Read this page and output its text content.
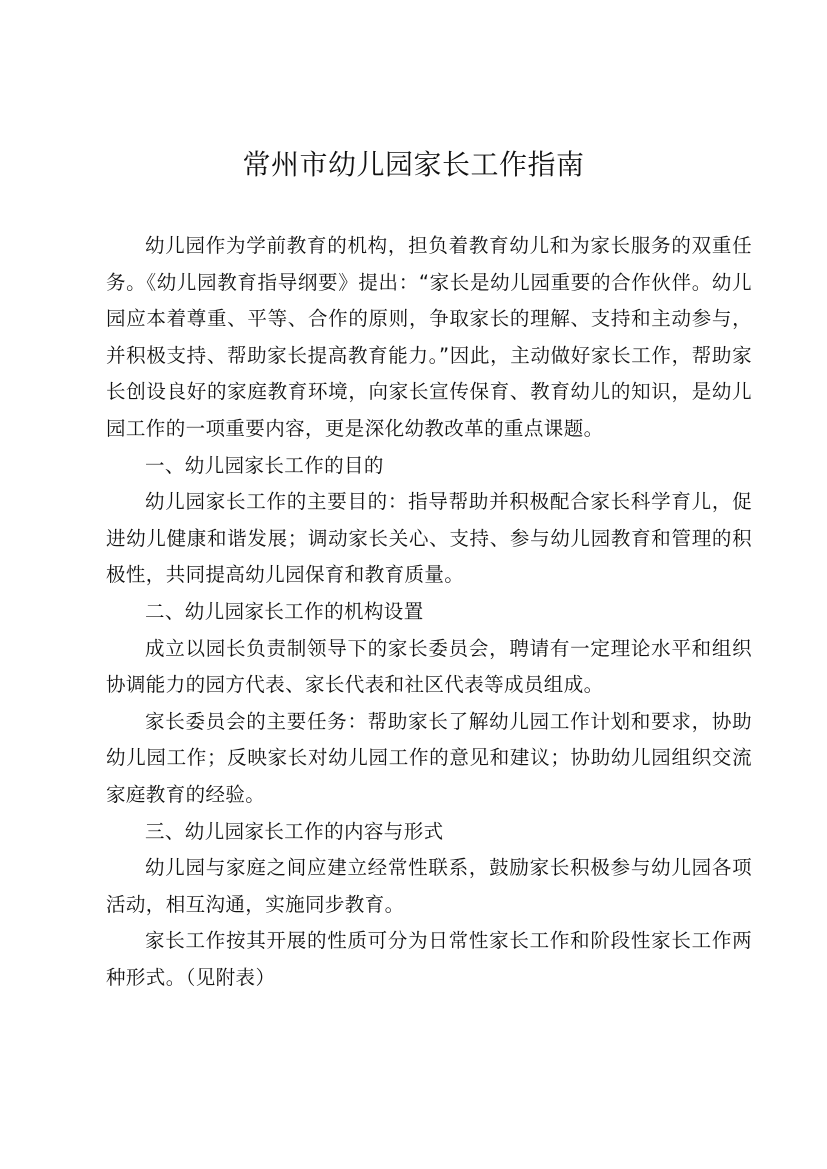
常州市幼儿园家长工作指南

幼儿园作为学前教育的机构，担负着教育幼儿和为家长服务的双重任务。《幼儿园教育指导纲要》提出：“家长是幼儿园重要的合作伙伴。幼儿园应本着尊重、平等、合作的原则，争取家长的理解、支持和主动参与，并积极支持、帮助家长提高教育能力。”因此，主动做好家长工作，帮助家长创设良好的家庭教育环境，向家长宣传保育、教育幼儿的知识，是幼儿园工作的一项重要内容，更是深化幼教改革的重点课题。

一、幼儿园家长工作的目的

幼儿园家长工作的主要目的：指导帮助并积极配合家长科学育儿，促进幼儿健康和谐发展；调动家长关心、支持、参与幼儿园教育和管理的积极性，共同提高幼儿园保育和教育质量。

二、幼儿园家长工作的机构设置

成立以园长负责制领导下的家长委员会，聘请有一定理论水平和组织协调能力的园方代表、家长代表和社区代表等成员组成。

家长委员会的主要任务：帮助家长了解幼儿园工作计划和要求，协助幼儿园工作；反映家长对幼儿园工作的意见和建议；协助幼儿园组织交流家庭教育的经验。

三、幼儿园家长工作的内容与形式

幼儿园与家庭之间应建立经常性联系，鼓励家长积极参与幼儿园各项活动，相互沟通，实施同步教育。

家长工作按其开展的性质可分为日常性家长工作和阶段性家长工作两种形式。（见附表）
